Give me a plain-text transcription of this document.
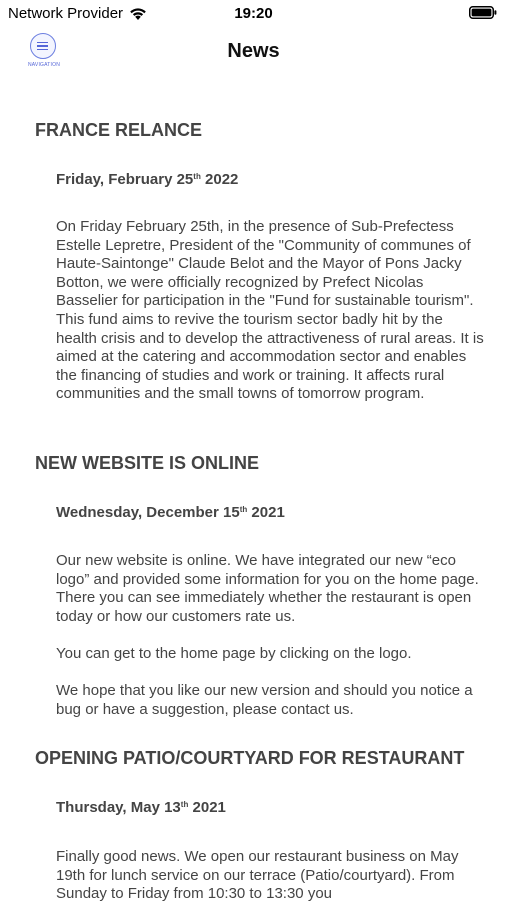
Network Provider	19:20
NAVIGATION
News
FRANCE RELANCE

Friday, February 25th 2022

On Friday February 25th, in the presence of Sub-Prefectess Estelle Lepretre, President of the "Community of communes of Haute-Saintonge" Claude Belot and the Mayor of Pons Jacky Botton, we were officially recognized by Prefect Nicolas Basselier for participation in the "Fund for sustainable tourism". This fund aims to revive the tourism sector badly hit by the health crisis and to develop the attractiveness of rural areas. It is aimed at the catering and accommodation sector and enables the financing of studies and work or training. It affects rural communities and the small towns of tomorrow program.

NEW WEBSITE IS ONLINE

Wednesday, December 15th 2021

Our new website is online. We have integrated our new “eco logo” and provided some information for you on the home page. There you can see immediately whether the restaurant is open today or how our customers rate us.

You can get to the home page by clicking on the logo.

We hope that you like our new version and should you notice a bug or have a suggestion, please contact us.

OPENING PATIO/COURTYARD FOR RESTAURANT

Thursday, May 13th 2021

Finally good news. We open our restaurant business on May 19th for lunch service on our terrace (Patio/courtyard). From Sunday to Friday from 10:30 to 13:30 you
